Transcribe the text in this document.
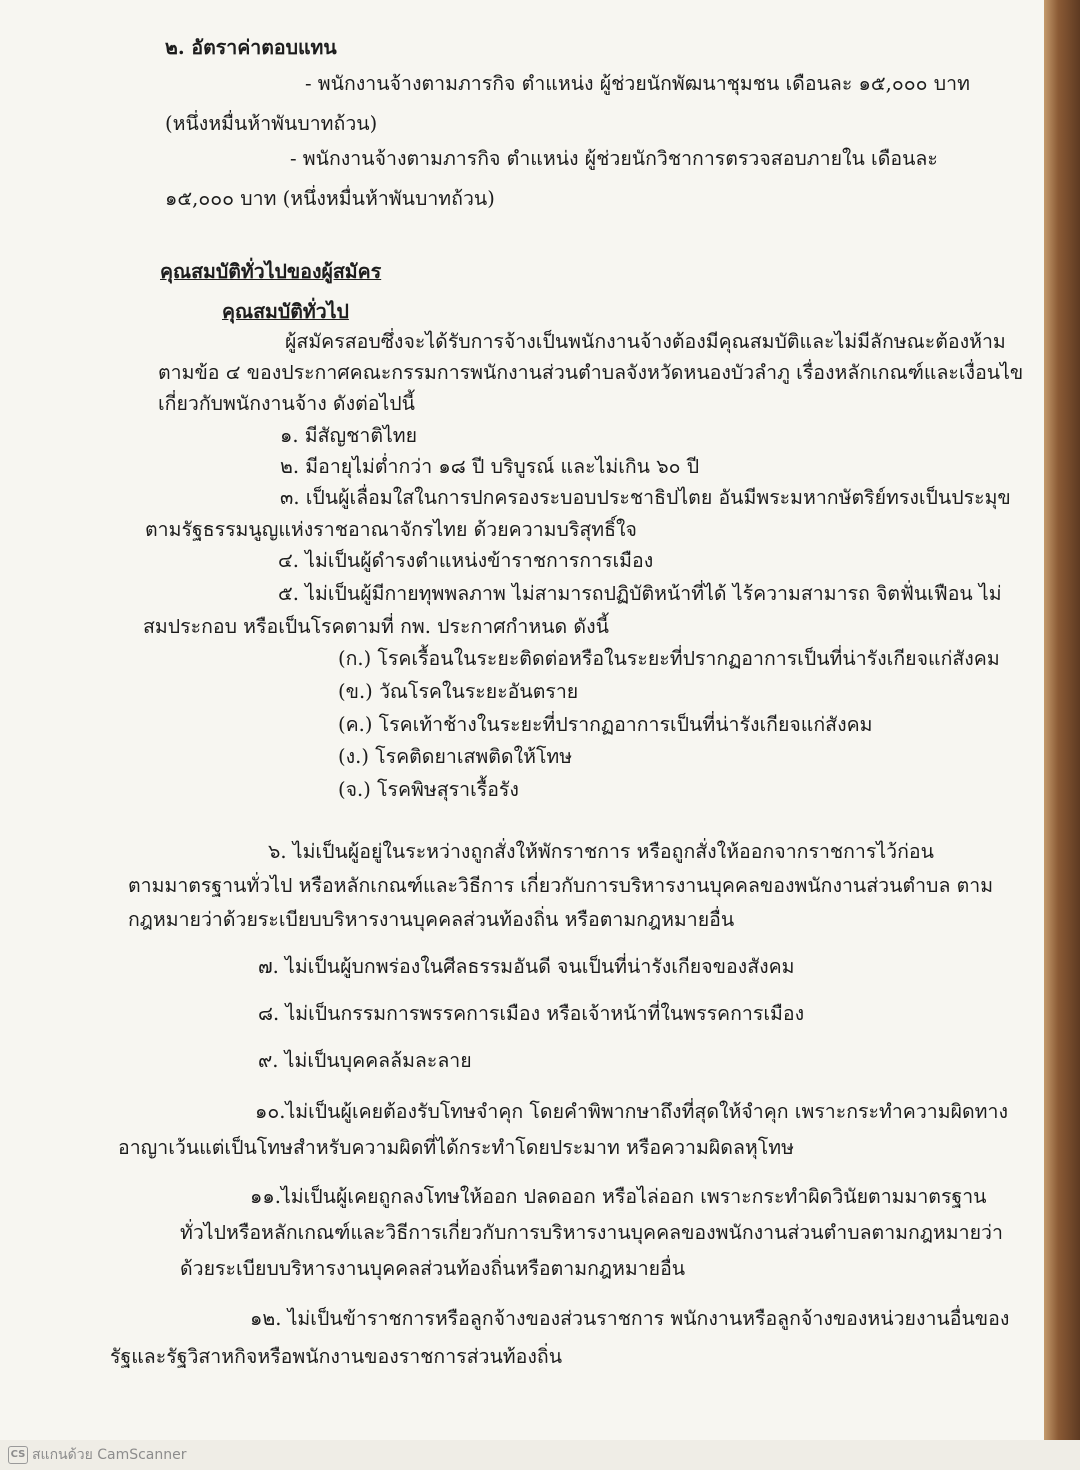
๒. อัตราค่าตอบแทน
- พนักงานจ้างตามภารกิจ ตำแหน่ง ผู้ช่วยนักพัฒนาชุมชน เดือนละ ๑๕,๐๐๐ บาท
(หนึ่งหมื่นห้าพันบาทถ้วน)
- พนักงานจ้างตามภารกิจ ตำแหน่ง ผู้ช่วยนักวิชาการตรวจสอบภายใน เดือนละ
๑๕,๐๐๐ บาท (หนึ่งหมื่นห้าพันบาทถ้วน)
คุณสมบัติทั่วไปของผู้สมัคร
คุณสมบัติทั่วไป
ผู้สมัครสอบซึ่งจะได้รับการจ้างเป็นพนักงานจ้างต้องมีคุณสมบัติและไม่มีลักษณะต้องห้าม
ตามข้อ ๔ ของประกาศคณะกรรมการพนักงานส่วนตำบลจังหวัดหนองบัวลำภู เรื่องหลักเกณฑ์และเงื่อนไข
เกี่ยวกับพนักงานจ้าง ดังต่อไปนี้
๑. มีสัญชาติไทย
๒. มีอายุไม่ต่ำกว่า ๑๘ ปี บริบูรณ์ และไม่เกิน ๖๐ ปี
๓. เป็นผู้เลื่อมใสในการปกครองระบอบประชาธิปไตย อันมีพระมหากษัตริย์ทรงเป็นประมุข
ตามรัฐธรรมนูญแห่งราชอาณาจักรไทย ด้วยความบริสุทธิ์ใจ
๔. ไม่เป็นผู้ดำรงตำแหน่งข้าราชการการเมือง
๕. ไม่เป็นผู้มีกายทุพพลภาพ ไม่สามารถปฏิบัติหน้าที่ได้ ไร้ความสามารถ จิตฟั่นเฟือน ไม่
สมประกอบ หรือเป็นโรคตามที่ กพ. ประกาศกำหนด ดังนี้
(ก.) โรคเรื้อนในระยะติดต่อหรือในระยะที่ปรากฏอาการเป็นที่น่ารังเกียจแก่สังคม
(ข.) วัณโรคในระยะอันตราย
(ค.) โรคเท้าช้างในระยะที่ปรากฏอาการเป็นที่น่ารังเกียจแก่สังคม
(ง.) โรคติดยาเสพติดให้โทษ
(จ.) โรคพิษสุราเรื้อรัง
๖. ไม่เป็นผู้อยู่ในระหว่างถูกสั่งให้พักราชการ หรือถูกสั่งให้ออกจากราชการไว้ก่อน
ตามมาตรฐานทั่วไป หรือหลักเกณฑ์และวิธีการ เกี่ยวกับการบริหารงานบุคคลของพนักงานส่วนตำบล ตาม
กฎหมายว่าด้วยระเบียบบริหารงานบุคคลส่วนท้องถิ่น หรือตามกฎหมายอื่น
๗. ไม่เป็นผู้บกพร่องในศีลธรรมอันดี จนเป็นที่น่ารังเกียจของสังคม
๘. ไม่เป็นกรรมการพรรคการเมือง หรือเจ้าหน้าที่ในพรรคการเมือง
๙. ไม่เป็นบุคคลล้มละลาย
๑๐.ไม่เป็นผู้เคยต้องรับโทษจำคุก โดยคำพิพากษาถึงที่สุดให้จำคุก เพราะกระทำความผิดทาง
อาญาเว้นแต่เป็นโทษสำหรับความผิดที่ได้กระทำโดยประมาท หรือความผิดลหุโทษ
๑๑.ไม่เป็นผู้เคยถูกลงโทษให้ออก ปลดออก หรือไล่ออก เพราะกระทำผิดวินัยตามมาตรฐาน
ทั่วไปหรือหลักเกณฑ์และวิธีการเกี่ยวกับการบริหารงานบุคคลของพนักงานส่วนตำบลตามกฎหมายว่า
ด้วยระเบียบบริหารงานบุคคลส่วนท้องถิ่นหรือตามกฎหมายอื่น
๑๒. ไม่เป็นข้าราชการหรือลูกจ้างของส่วนราชการ พนักงานหรือลูกจ้างของหน่วยงานอื่นของ
รัฐและรัฐวิสาหกิจหรือพนักงานของราชการส่วนท้องถิ่น
CS สแกนด้วย CamScanner
